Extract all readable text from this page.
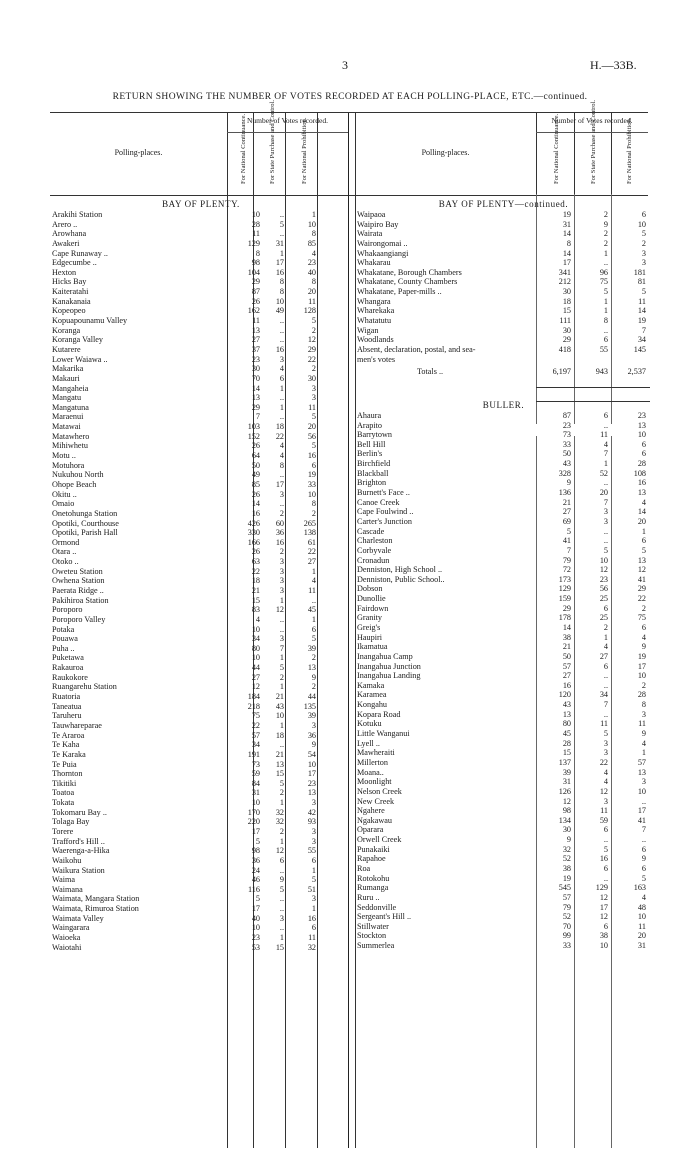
3	H.—33B.
RETURN SHOWING THE NUMBER OF VOTES RECORDED AT EACH POLLING-PLACE, ETC.—continued.
Polling-places.
Number of Votes recorded.
For National Continuance.	For State Purchase and Control.	For National Prohibition.	Polling-places.
Number of Votes recorded.
For National Continuance.	For State Purchase and Control.	For National Prohibition.
BAY OF PLENTY.
Arakihi Station	10	..	1
Arero ..	28	5	10
Arowhana	11	..	8
Awakeri	129	31	85
Cape Runaway ..	8	1	4
Edgecumbe ..	98	17	23
Hexton	104	16	40
Hicks Bay	29	8	8
Kaiteratahi	87	8	20
Kanakanaia	26	10	11
Kopeopeo	162	49	128
Kopuapounamu Valley	11	..	5
Koranga	13	..	2
Koranga Valley	27	..	12
Kutarere	37	16	29
Lower Waiawa ..	23	3	22
Makarika	30	4	2
Makauri	70	6	30
Mangaheia	14	1	3
Mangatu	13	..	3
Mangatuna	29	1	11
Maraenui	7	..	5
Matawai	103	18	20
Matawhero	152	22	56
Mihiwhetu	26	4	5
Motu ..	64	4	16
Motuhora	50	8	6
Nukuhou North	49	..	19
Ohope Beach	85	17	33
Okitu ..	26	3	10
Omaio	14	..	8
Onetohunga Station	16	2	2
Opotiki, Courthouse	426	60	265
Opotiki, Parish Hall	330	36	138
Ormond	166	16	61
Otara ..	26	2	22
Otoko ..	63	3	27
Oweteu Station	22	3	1
Owhena Station	18	3	4
Paerata Ridge ..	21	3	11
Pakihiroa Station	15	1	..
Poroporo	83	12	45
Poroporo Valley	4	..	1
Potaka	10	..	6
Pouawa	34	3	5
Puha ..	80	7	39
Puketawa	10	1	2
Rakauroa	44	5	13
Raukokore	27	2	9
Ruangarehu Station	12	1	2
Ruatoria	184	21	44
Taneatua	218	43	135
Taruheru	75	10	39
Tauwhareparae	22	1	3
Te Araroa	57	18	36
Te Kaha	34	..	9
Te Karaka	191	21	54
Te Puia	73	13	10
Thornton	59	15	17
Tikitiki	84	5	23
Toatoa	31	2	13
Tokata	10	1	3
Tokomaru Bay ..	170	32	42
Tolaga Bay	220	32	93
Torere	17	2	3
Trafford's Hill ..	5	1	3
Waerenga-a-Hika	98	12	55
Waikohu	36	6	6
Waikura Station	24	..	1
Waima	46	9	5
Waimana	116	5	51
Waimata, Mangara Station	5	..	3
Waimata, Rimuroa Station	17	..	1
Waimata Valley	40	3	16
Waingarara	10	..	6
Waioeka	23	1	11
Waiotahi	53	15	32
BAY OF PLENTY—continued.
Waipaoa	19	2	6
Waipiro Bay	31	9	10
Wairata	14	2	5
Wairongomai ..	8	2	2
Whakaangiangi	14	1	3
Whakarau	17	..	3
Whakatane, Borough Chambers	341	96	181
Whakatane, County Chambers	212	75	81
Whakatane, Paper-mills ..	30	5	5
Whangara	18	1	11
Wharekaka	15	1	14
Whatatutu	111	8	19
Wigan	30	..	7
Woodlands	29	6	34
Absent, declaration, postal, and sea-	418	55	145
men's votes
Totals ..	6,197	943	2,537
BULLER.
Ahaura	87	6	23
Arapito	23	..	13
Barrytown	73	11	10
Bell Hill	33	4	6
Berlin's	50	7	6
Birchfield	43	1	28
Blackball	328	52	108
Brighton	9	..	16
Burnett's Face ..	136	20	13
Canoe Creek	21	7	4
Cape Foulwind ..	27	3	14
Carter's Junction	69	3	20
Cascade	5	..	1
Charleston	41	..	6
Corbyvale	7	5	5
Cronadun	79	10	13
Denniston, High School ..	72	12	12
Denniston, Public School..	173	23	41
Dobson	129	56	29
Dunollie	159	25	22
Fairdown	29	6	2
Granity	178	25	75
Greig's	14	2	6
Haupiri	38	1	4
Ikamatua	21	4	9
Inangahua Camp	50	27	19
Inangahua Junction	57	6	17
Inangahua Landing	27	..	10
Kamaka	16	..	2
Karamea	120	34	28
Kongahu	43	7	8
Kopara Road	13	..	3
Kotuku	80	11	11
Little Wanganui	45	5	9
Lyell ..	28	3	4
Mawheraiti	15	3	1
Millerton	137	22	57
Moana..	39	4	13
Moonlight	31	4	3
Nelson Creek	126	12	10
New Creek	12	3	..
Ngahere	98	11	17
Ngakawau	134	59	41
Oparara	30	6	7
Orwell Creek	9	..	..
Punakaiki	32	5	6
Rapahoe	52	16	9
Roa	38	6	6
Rotokohu	19	..	5
Rumanga	545	129	163
Ruru ..	57	12	4
Seddonville	79	17	48
Sergeant's Hill ..	52	12	10
Stillwater	70	6	11
Stockton	99	38	20
Summerlea	33	10	31
